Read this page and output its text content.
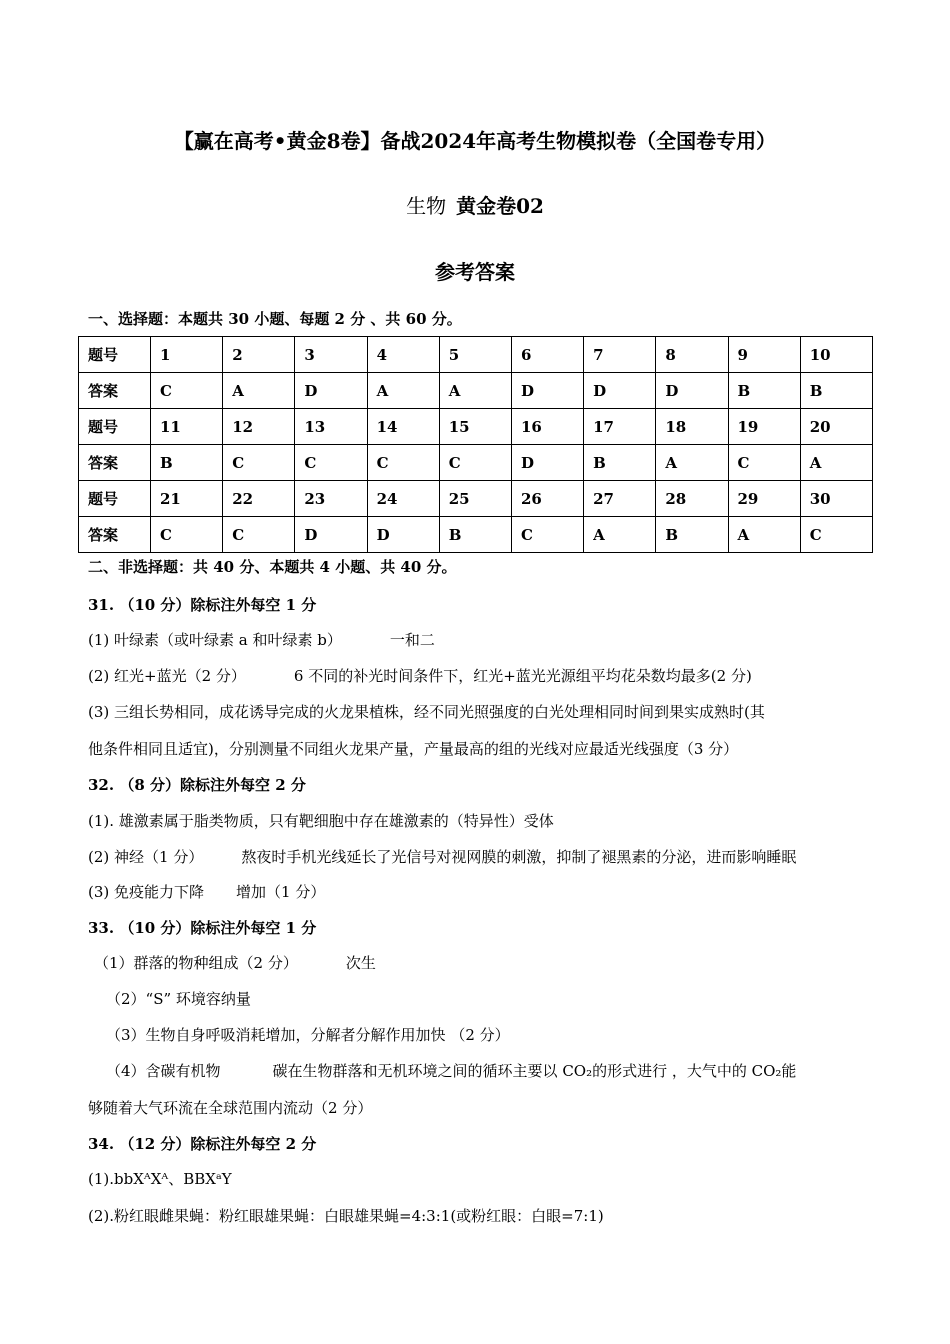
【赢在高考•黄金8卷】备战2024年高考生物模拟卷（全国卷专用）
生物 黄金卷02
参考答案
一、选择题：本题共 30 小题、每题 2 分 、共 60 分。
题号	1	2	3	4	5	6	7	8	9	10
答案	C	A	D	A	A	D	D	D	B	B
题号	11	12	13	14	15	16	17	18	19	20
答案	B	C	C	C	C	D	B	A	C	A
题号	21	22	23	24	25	26	27	28	29	30
答案	C	C	D	D	B	C	A	B	A	C
二、非选择题：共 40 分、本题共 4 小题、共 40 分。
31. （10 分）除标注外每空 1 分
(1) 叶绿素（或叶绿素 a 和叶绿素 b）	一和二
(2) 红光+蓝光（2 分）	6 不同的补光时间条件下，红光+蓝光光源组平均花朵数均最多(2 分)
(3) 三组长势相同，成花诱导完成的火龙果植株，经不同光照强度的白光处理相同时间到果实成熟时(其
他条件相同且适宜)，分别测量不同组火龙果产量，产量最高的组的光线对应最适光线强度（3 分）
32. （8 分）除标注外每空 2 分
(1). 雄激素属于脂类物质，只有靶细胞中存在雄激素的（特异性）受体
(2) 神经（1 分）	熬夜时手机光线延长了光信号对视网膜的刺激，抑制了褪黑素的分泌，进而影响睡眠
(3) 免疫能力下降 增加（1 分）
33. （10 分）除标注外每空 1 分
（1）群落的物种组成（2 分）	次生
（2）“S” 环境容纳量
（3）生物自身呼吸消耗增加，分解者分解作用加快 （2 分）
（4）含碳有机物	碳在生物群落和无机环境之间的循环主要以 CO₂的形式进行 ，大气中的 CO₂能
够随着大气环流在全球范围内流动（2 分）
34. （12 分）除标注外每空 2 分
(1).bbXᴬXᴬ、BBXᵃY
(2).粉红眼雌果蝇：粉红眼雄果蝇：白眼雄果蝇=4:3:1(或粉红眼：白眼=7:1)
